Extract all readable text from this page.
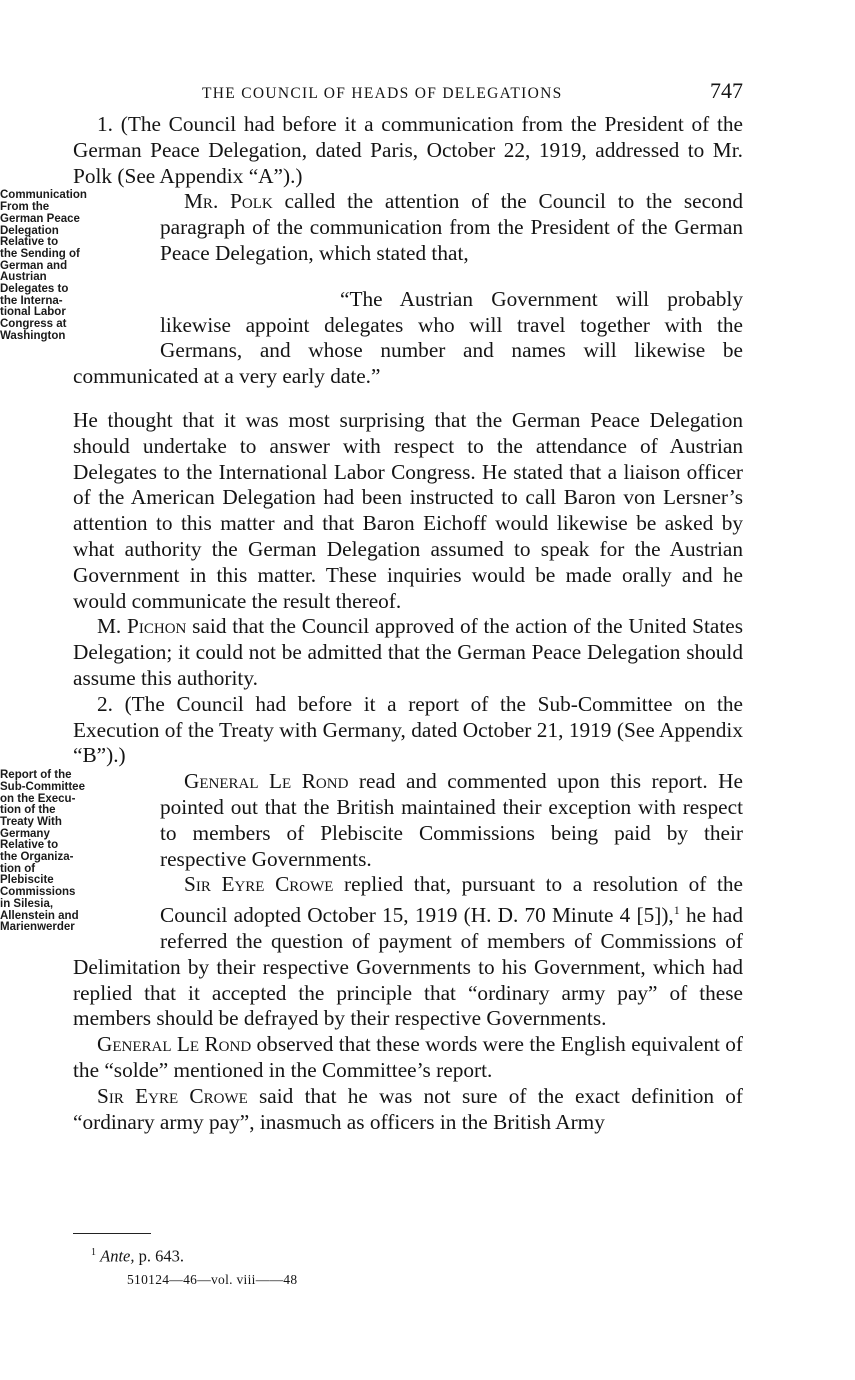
THE COUNCIL OF HEADS OF DELEGATIONS	747

1. (The Council had before it a communication from the President of the German Peace Delegation, dated Paris, October 22, 1919, addressed to Mr. Polk (See Appendix “A”).)

Communication
From the
German Peace
Delegation
Relative to
the Sending of
German and
Austrian
Delegates to
the Interna-
tional Labor
Congress at
Washington

Mr. Polk called the attention of the Council to the second paragraph of the communication from the President of the German Peace Delegation, which stated that,

“The Austrian Government will probably likewise appoint delegates who will travel together with the Germans, and whose number and names will likewise be communicated at a very early date.”

He thought that it was most surprising that the German Peace Delegation should undertake to answer with respect to the attendance of Austrian Delegates to the International Labor Congress. He stated that a liaison officer of the American Delegation had been instructed to call Baron von Lersner’s attention to this matter and that Baron Eichoff would likewise be asked by what authority the German Delegation assumed to speak for the Austrian Government in this matter. These inquiries would be made orally and he would communicate the result thereof.

M. Pichon said that the Council approved of the action of the United States Delegation; it could not be admitted that the German Peace Delegation should assume this authority.

2. (The Council had before it a report of the Sub-Committee on the Execution of the Treaty with Germany, dated October 21, 1919 (See Appendix “B”).)

Report of the
Sub-Committee
on the Execu-
tion of the
Treaty With
Germany
Relative to
the Organiza-
tion of
Plebiscite
Commissions
in Silesia,
Allenstein and
Marienwerder

General Le Rond read and commented upon this report. He pointed out that the British maintained their exception with respect to members of Plebiscite Commissions being paid by their respective Governments.

Sir Eyre Crowe replied that, pursuant to a resolution of the Council adopted October 15, 1919 (H. D. 70 Minute 4 [5]),$^1$ he had referred the question of payment of members of Commissions of Delimitation by their respective Governments to his Government, which had replied that it accepted the principle that “ordinary army pay” of these members should be defrayed by their respective Governments.

General Le Rond observed that these words were the English equivalent of the “solde” mentioned in the Committee’s report.

Sir Eyre Crowe said that he was not sure of the exact definition of “ordinary army pay”, inasmuch as officers in the British Army

$^1$ Ante, p. 643.
510124—46—vol. viii——48
